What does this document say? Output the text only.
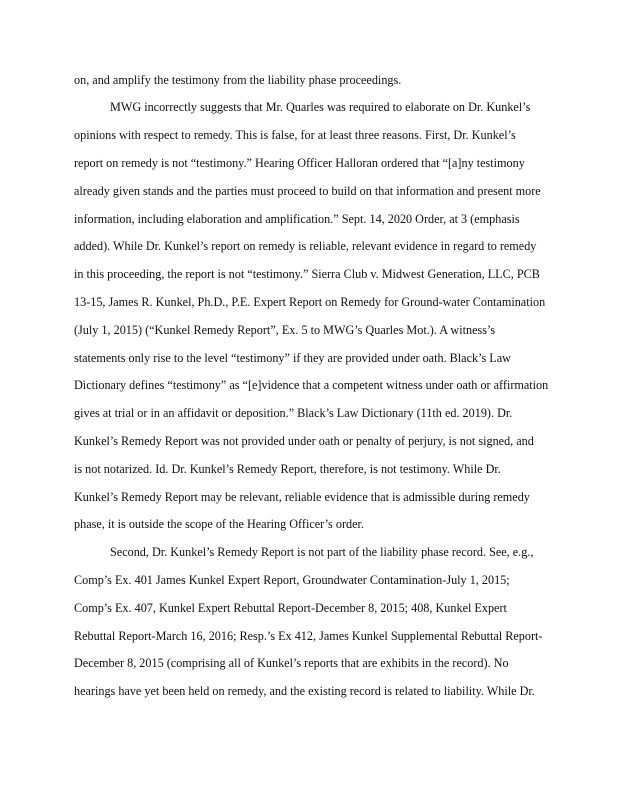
on, and amplify the testimony from the liability phase proceedings.
MWG incorrectly suggests that Mr. Quarles was required to elaborate on Dr. Kunkel’s
opinions with respect to remedy. This is false, for at least three reasons. First, Dr. Kunkel’s
report on remedy is not “testimony.” Hearing Officer Halloran ordered that “[a]ny testimony
already given stands and the parties must proceed to build on that information and present more
information, including elaboration and amplification.” Sept. 14, 2020 Order, at 3 (emphasis
added). While Dr. Kunkel’s report on remedy is reliable, relevant evidence in regard to remedy
in this proceeding, the report is not “testimony.” Sierra Club v. Midwest Generation, LLC, PCB
13-15, James R. Kunkel, Ph.D., P.E. Expert Report on Remedy for Ground-water Contamination
(July 1, 2015) (“Kunkel Remedy Report”, Ex. 5 to MWG’s Quarles Mot.). A witness’s
statements only rise to the level “testimony” if they are provided under oath. Black’s Law
Dictionary defines “testimony” as “[e]vidence that a competent witness under oath or affirmation
gives at trial or in an affidavit or deposition.” Black’s Law Dictionary (11th ed. 2019). Dr.
Kunkel’s Remedy Report was not provided under oath or penalty of perjury, is not signed, and
is not notarized. Id. Dr. Kunkel’s Remedy Report, therefore, is not testimony. While Dr.
Kunkel’s Remedy Report may be relevant, reliable evidence that is admissible during remedy
phase, it is outside the scope of the Hearing Officer’s order.
Second, Dr. Kunkel’s Remedy Report is not part of the liability phase record. See, e.g.,
Comp’s Ex. 401 James Kunkel Expert Report, Groundwater Contamination-July 1, 2015;
Comp’s Ex. 407, Kunkel Expert Rebuttal Report-December 8, 2015; 408, Kunkel Expert
Rebuttal Report-March 16, 2016; Resp.’s Ex 412, James Kunkel Supplemental Rebuttal Report-
December 8, 2015 (comprising all of Kunkel’s reports that are exhibits in the record). No
hearings have yet been held on remedy, and the existing record is related to liability. While Dr.
